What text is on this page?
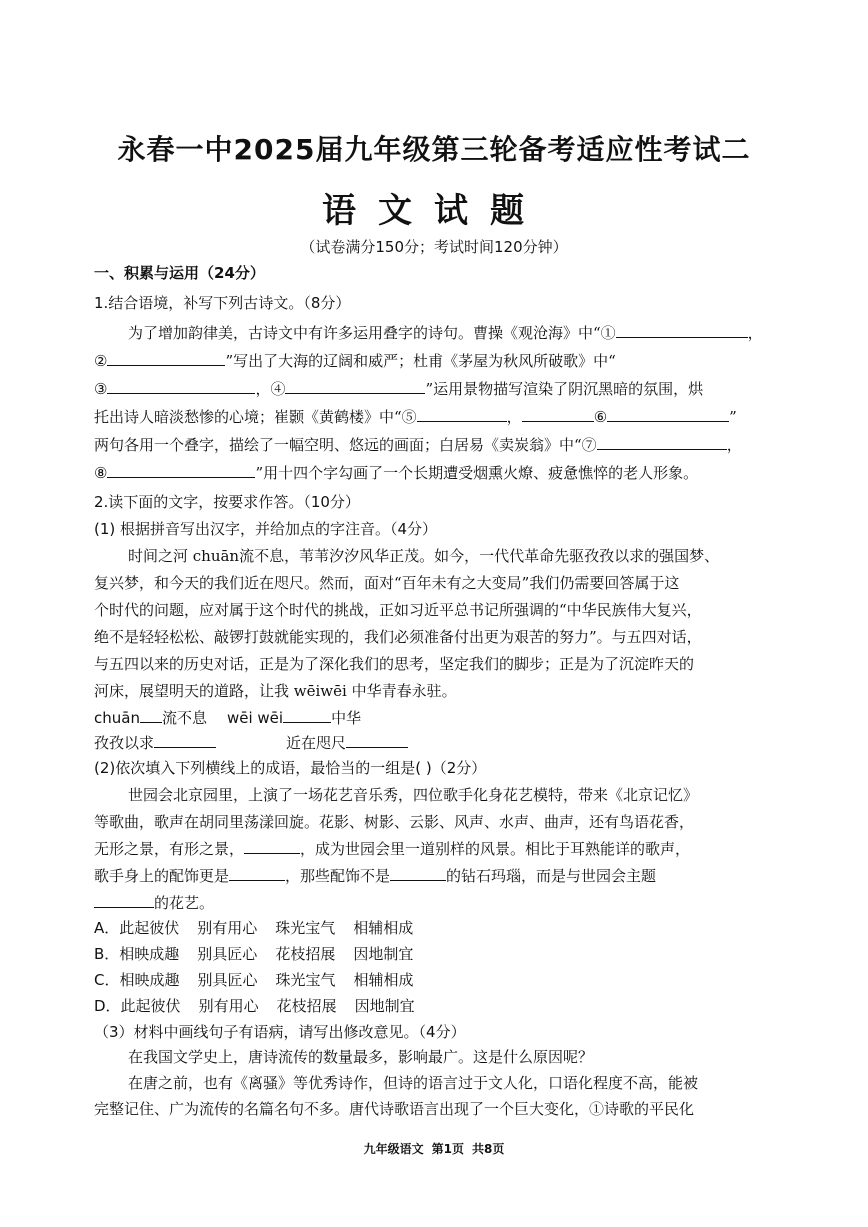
永春一中2025届九年级第三轮备考适应性考试二
语文试题
（试卷满分150分；考试时间120分钟）
一、积累与运用（24分）
1.结合语境，补写下列古诗文。（8分）
为了增加韵律美，古诗文中有许多运用叠字的诗句。曹操《观沧海》中“①	，
②	”写出了大海的辽阔和威严；杜甫《茅屋为秋风所破歌》中“
③	，④	”运用景物描写渲染了阴沉黑暗的氛围，烘
托出诗人暗淡愁惨的心境；崔颢《黄鹤楼》中“⑤	，	⑥	”
两句各用一个叠字，描绘了一幅空明、悠远的画面；白居易《卖炭翁》中“⑦	，
⑧	”用十四个字勾画了一个长期遭受烟熏火燎、疲惫憔悴的老人形象。
2.读下面的文字，按要求作答。（10分）
(1) 根据拼音写出汉字，并给加点的字注音。（4分）
时间之河 chuān流不息，苇苇汐汐风华正茂。如今，一代代革命先驱孜孜以求的强国梦、
复兴梦，和今天的我们近在咫尺。然而，面对“百年未有之大变局”我们仍需要回答属于这
个时代的问题，应对属于这个时代的挑战，正如习近平总书记所强调的“中华民族伟大复兴，
绝不是轻轻松松、敲锣打鼓就能实现的，我们必须准备付出更为艰苦的努力”。与五四对话，
与五四以来的历史对话，正是为了深化我们的思考，坚定我们的脚步；正是为了沉淀昨天的
河床，展望明天的道路，让我 wēiwēi 中华青春永驻。
chuān 流不息 wēi wēi	中华
孜孜以求	近在咫尺
(2)依次填入下列横线上的成语，最恰当的一组是( )（2分）
世园会北京园里，上演了一场花艺音乐秀，四位歌手化身花艺模特，带来《北京记忆》
等歌曲，歌声在胡同里荡漾回旋。花影、树影、云影、风声、水声、曲声，还有鸟语花香，
无形之景，有形之景，	，成为世园会里一道别样的风景。相比于耳熟能详的歌声，
歌手身上的配饰更是	，那些配饰不是	的钻石玛瑙，而是与世园会主题
的花艺。
A．此起彼伏 别有用心 珠光宝气 相辅相成
B．相映成趣 别具匠心 花枝招展 因地制宜
C．相映成趣 别具匠心 珠光宝气 相辅相成
D．此起彼伏 别有用心 花枝招展 因地制宜
（3）材料中画线句子有语病，请写出修改意见。（4分）
在我国文学史上，唐诗流传的数量最多，影响最广。这是什么原因呢？
在唐之前，也有《离骚》等优秀诗作，但诗的语言过于文人化，口语化程度不高，能被
完整记住、广为流传的名篇名句不多。唐代诗歌语言出现了一个巨大变化，①诗歌的平民化
九年级语文 第1页 共8页
